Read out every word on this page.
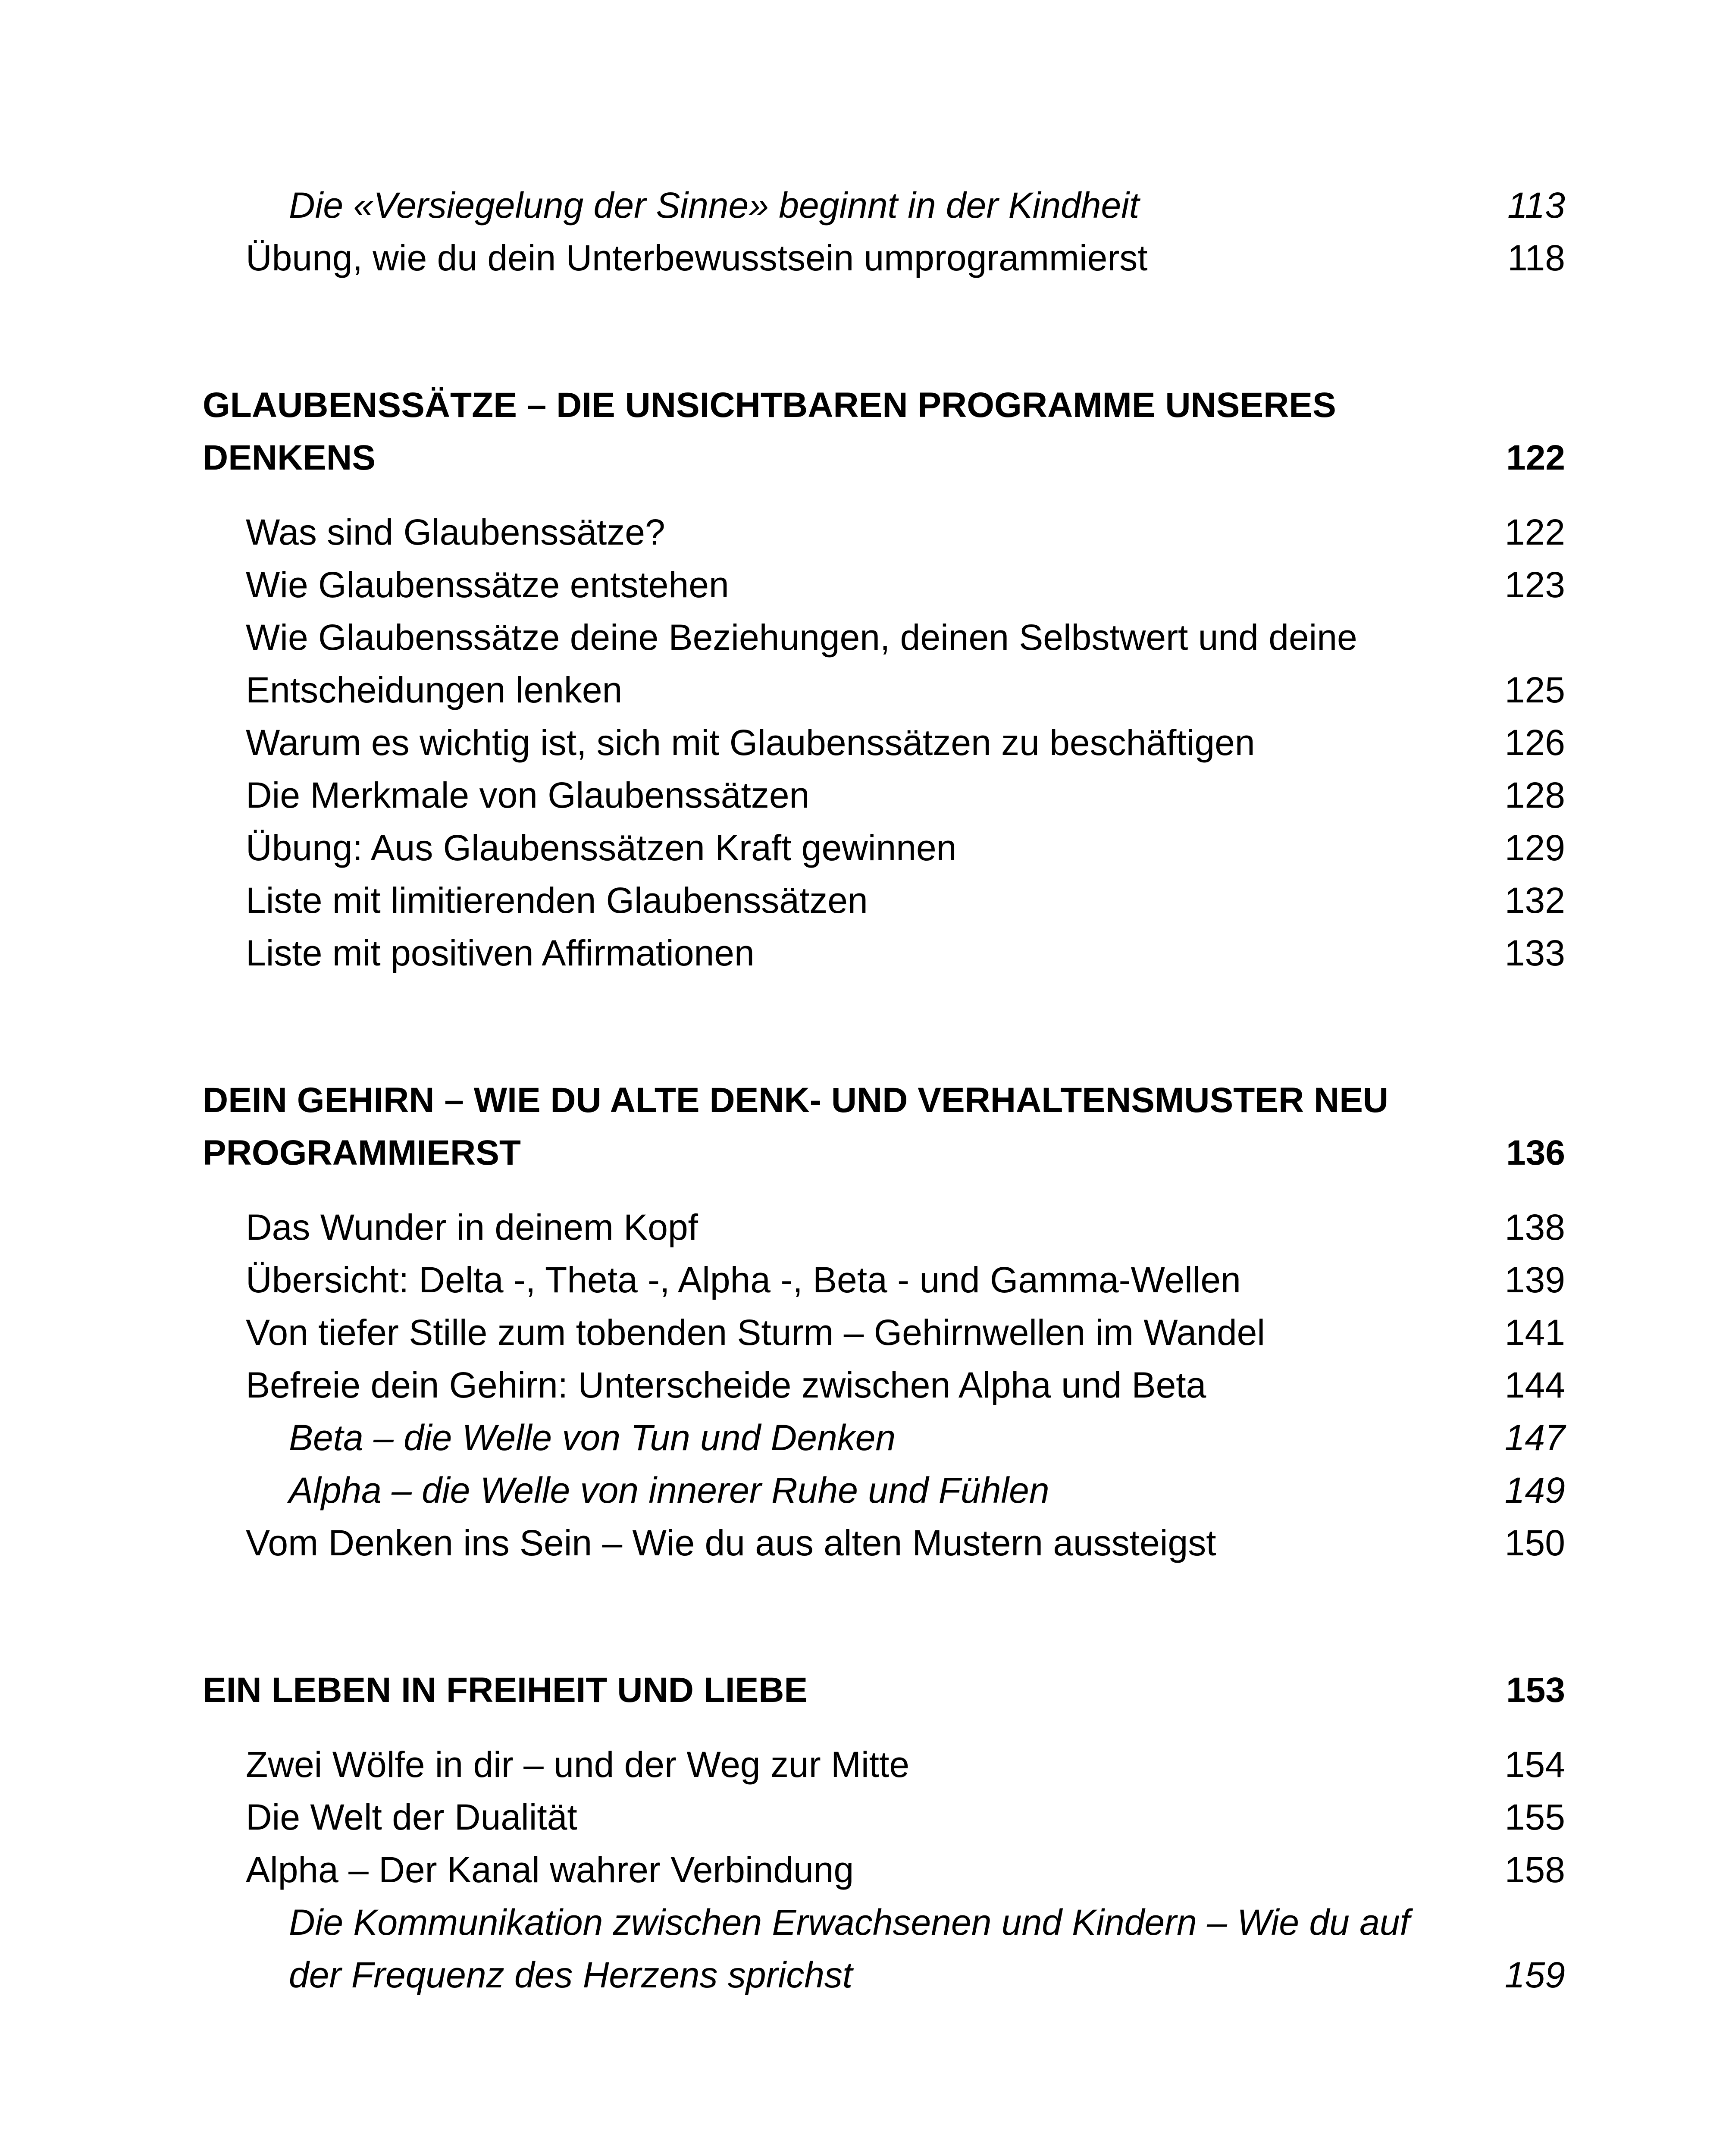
Die «Versiegelung der Sinne» beginnt in der Kindheit	113
Übung, wie du dein Unterbewusstsein umprogrammierst	118
GLAUBENSSÄTZE – DIE UNSICHTBAREN PROGRAMME UNSERES DENKENS	122
Was sind Glaubenssätze?	122
Wie Glaubenssätze entstehen	123
Wie Glaubenssätze deine Beziehungen, deinen Selbstwert und deine Entscheidungen lenken	125
Warum es wichtig ist, sich mit Glaubenssätzen zu beschäftigen	126
Die Merkmale von Glaubenssätzen	128
Übung: Aus Glaubenssätzen Kraft gewinnen	129
Liste mit limitierenden Glaubenssätzen	132
Liste mit positiven Affirmationen	133
DEIN GEHIRN – WIE DU ALTE DENK- UND VERHALTENSMUSTER NEU PROGRAMMIERST	136
Das Wunder in deinem Kopf	138
Übersicht: Delta -, Theta -, Alpha -, Beta - und Gamma-Wellen	139
Von tiefer Stille zum tobenden Sturm – Gehirnwellen im Wandel	141
Befreie dein Gehirn: Unterscheide zwischen Alpha und Beta	144
Beta – die Welle von Tun und Denken	147
Alpha – die Welle von innerer Ruhe und Fühlen	149
Vom Denken ins Sein – Wie du aus alten Mustern aussteigst	150
EIN LEBEN IN FREIHEIT UND LIEBE	153
Zwei Wölfe in dir – und der Weg zur Mitte	154
Die Welt der Dualität	155
Alpha – Der Kanal wahrer Verbindung	158
Die Kommunikation zwischen Erwachsenen und Kindern – Wie du auf der Frequenz des Herzens sprichst	159
